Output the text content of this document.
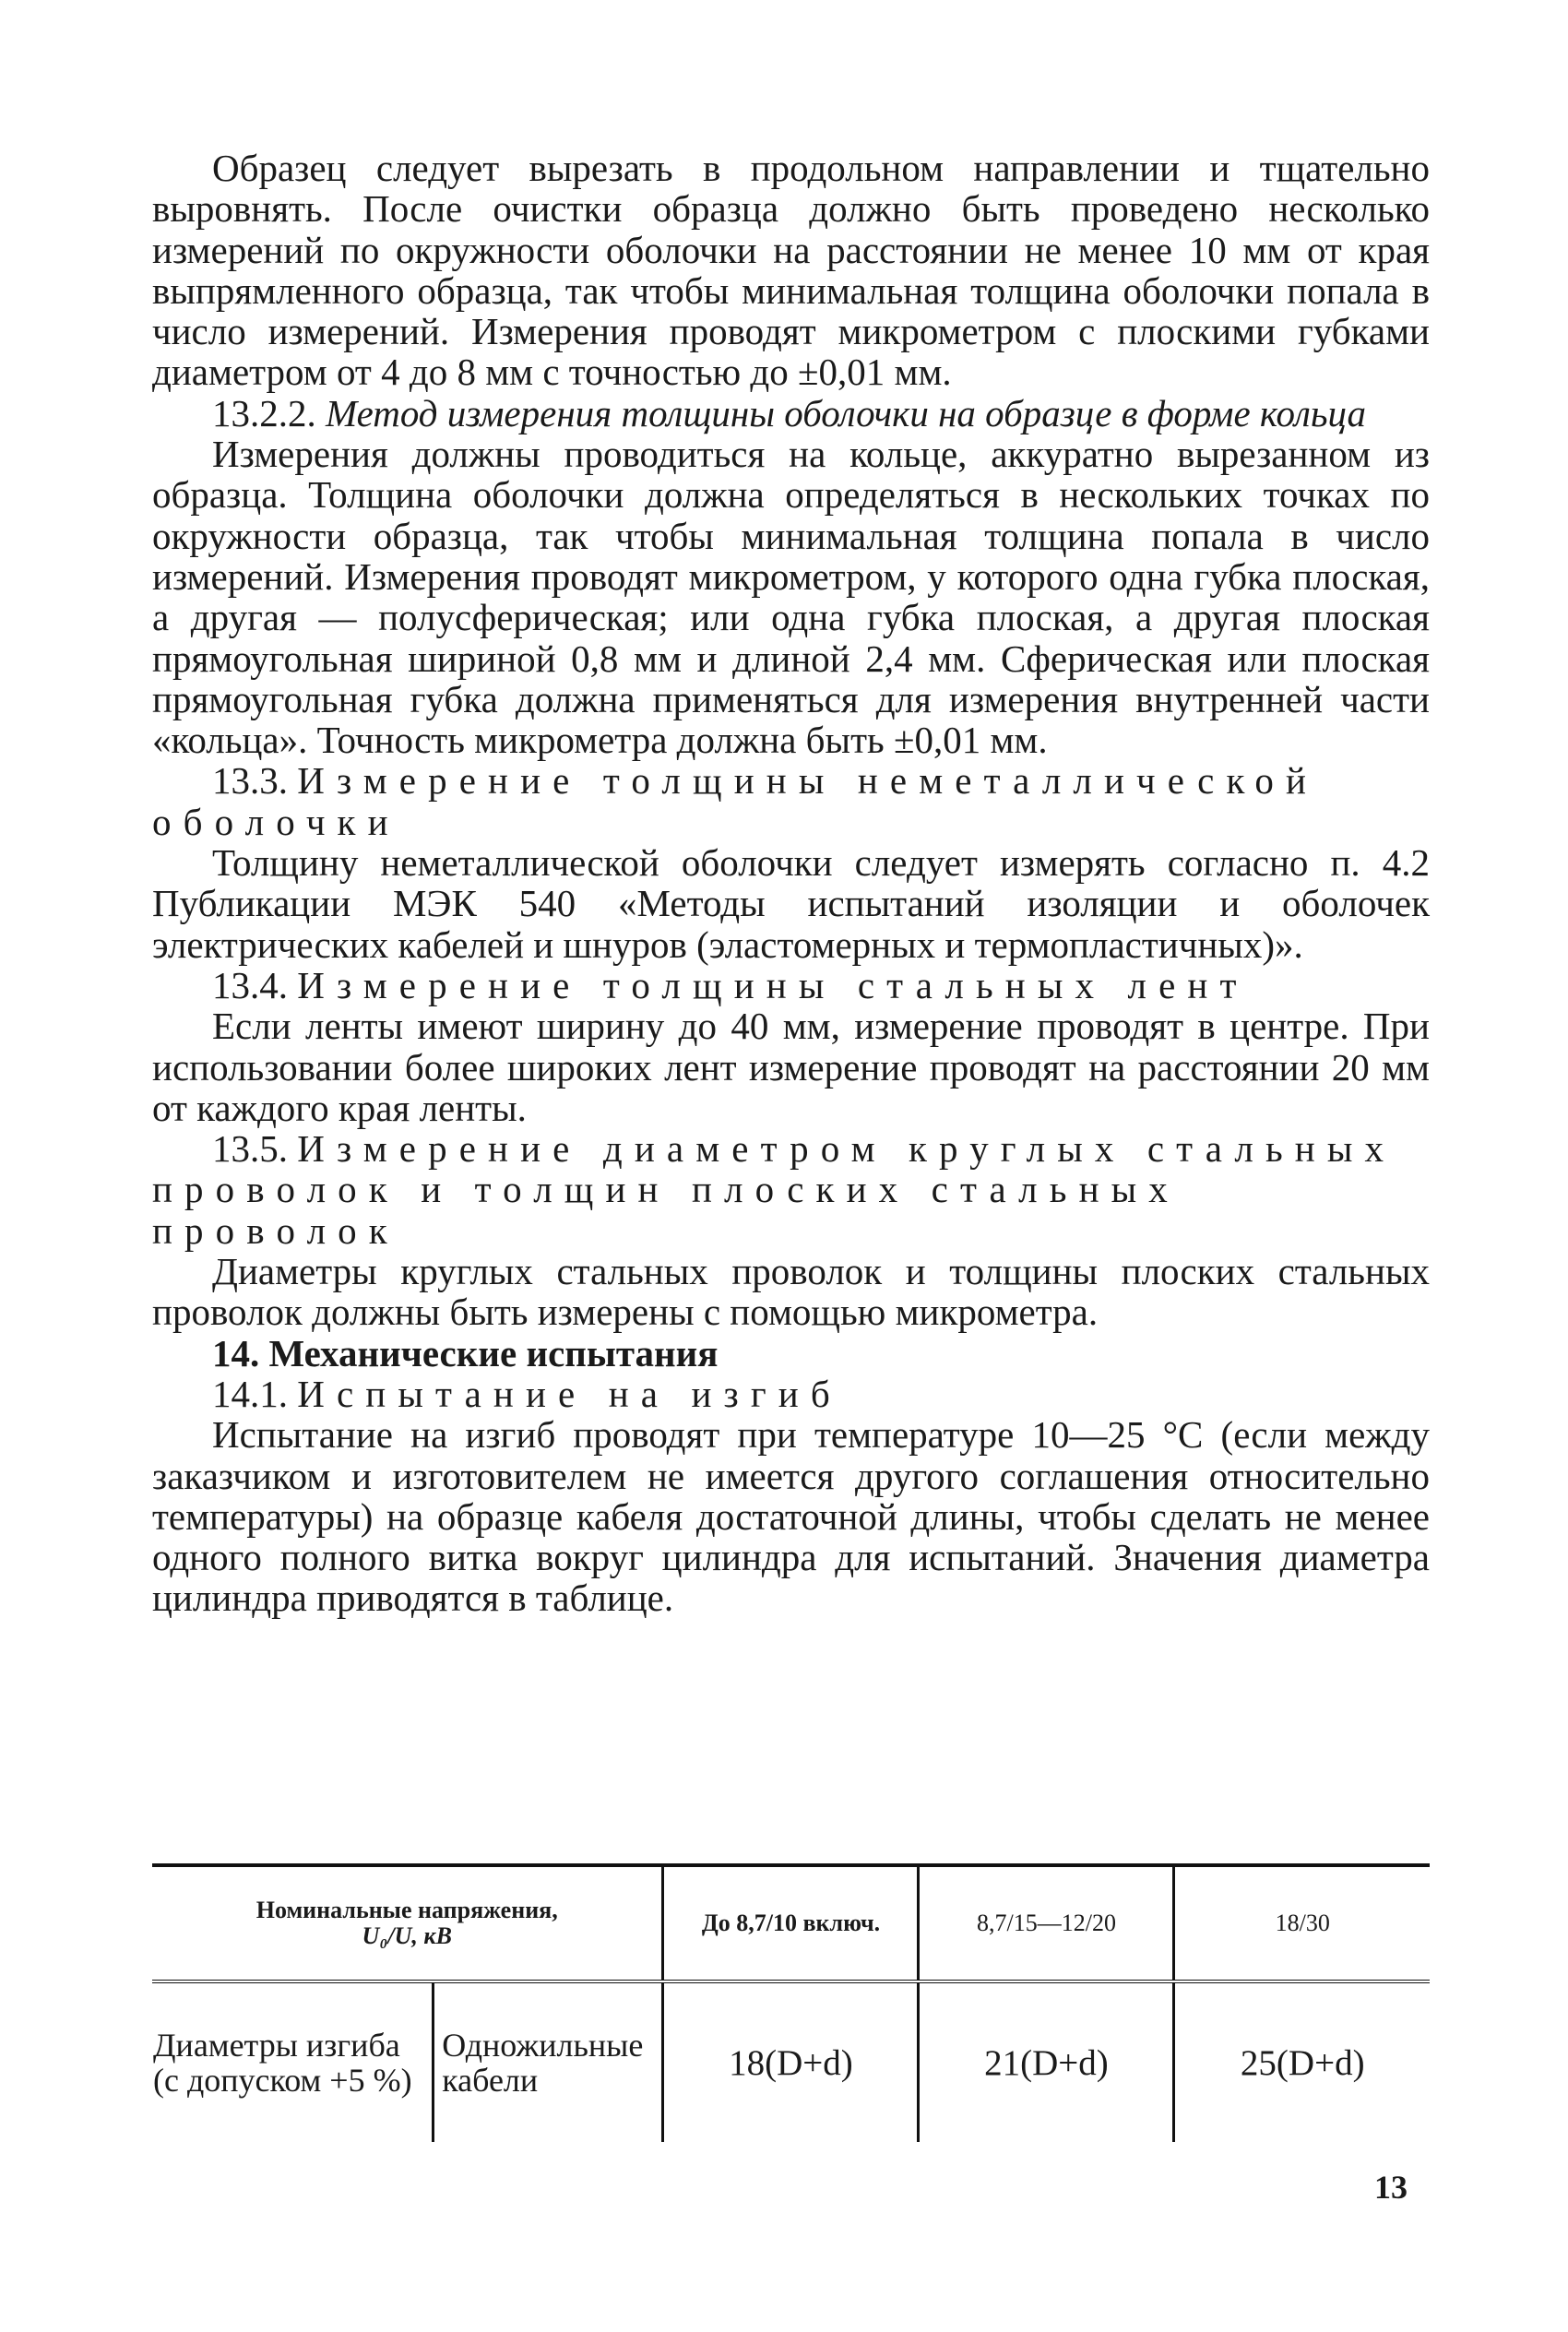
Образец следует вырезать в продольном направлении и тщательно выровнять. После очистки образца должно быть проведено несколько измерений по окружности оболочки на расстоянии не менее 10 мм от края выпрямленного образца, так чтобы минимальная толщина оболочки попала в число измерений. Измерения проводят микрометром с плоскими губками диаметром от 4 до 8 мм с точностью до ±0,01 мм.

13.2.2. Метод измерения толщины оболочки на образце в форме кольца

Измерения должны проводиться на кольце, аккуратно вырезанном из образца. Толщина оболочки должна определяться в нескольких точках по окружности образца, так чтобы минимальная толщина попала в число измерений. Измерения проводят микрометром, у которого одна губка плоская, а другая — полусферическая; или одна губка плоская, а другая плоская прямоугольная шириной 0,8 мм и длиной 2,4 мм. Сферическая или плоская прямоугольная губка должна применяться для измерения внутренней части «кольца». Точность микрометра должна быть ±0,01 мм.

13.3. Измерение толщины неметаллической оболочки

Толщину неметаллической оболочки следует измерять согласно п. 4.2 Публикации МЭК 540 «Методы испытаний изоляции и оболочек электрических кабелей и шнуров (эластомерных и термопластичных)».

13.4. Измерение толщины стальных лент

Если ленты имеют ширину до 40 мм, измерение проводят в центре. При использовании более широких лент измерение проводят на расстоянии 20 мм от каждого края ленты.

13.5. Измерение диаметром круглых стальных проволок и толщин плоских стальных проволок

Диаметры круглых стальных проволок и толщины плоских стальных проволок должны быть измерены с помощью микрометра.

14. Механические испытания

14.1. Испытание на изгиб

Испытание на изгиб проводят при температуре 10—25 °С (если между заказчиком и изготовителем не имеется другого соглашения относительно температуры) на образце кабеля достаточной длины, чтобы сделать не менее одного полного витка вокруг цилиндра для испытаний. Значения диаметра цилиндра приводятся в таблице.

Номинальные напряжения,
U₀/U, кВ		До 8,7/10 включ.	8,7/15—12/20	18/30
Диаметры изгиба (с допуском +5 %)	Одножильные кабели	18(D+d)	21(D+d)	25(D+d)
13
